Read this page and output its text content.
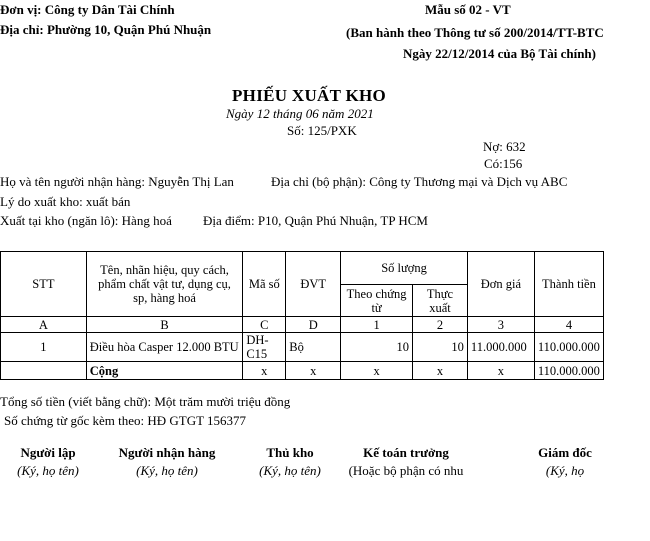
Đơn vị: Công ty Dân Tài Chính
Địa chỉ: Phường 10, Quận Phú Nhuận
Mẫu số 02 - VT
(Ban hành theo Thông tư số 200/2014/TT-BTC
Ngày 22/12/2014 của Bộ Tài chính)
PHIẾU XUẤT KHO
Ngày 12 tháng 06 năm 2021
Số: 125/PXK
Nợ: 632
Có:156
Họ và tên người nhận hàng: Nguyễn Thị Lan	Địa chỉ (bộ phận): Công ty Thương mại và Dịch vụ ABC
Lý do xuất kho: xuất bán
Xuất tại kho (ngăn lô): Hàng hoá Địa điểm: P10, Quận Phú Nhuận, TP HCM
STT	Tên, nhãn hiệu, quy cách, phẩm chất vật tư, dụng cụ, sp, hàng hoá	Mã số	ĐVT	Số lượng		Đơn giá	Thành tiền
				Theo chứng từ	Thực xuất		
A	B	C	D	1	2	3	4
1	Điều hòa Casper 12.000 BTU	DH-C15	Bộ	10	10	11.000.000	110.000.000
	Cộng	x	x	x	x	x	110.000.000
Tổng số tiền (viết bằng chữ): Một trăm mười triệu đồng
Số chứng từ gốc kèm theo: HĐ GTGT 156377
Người lập
(Ký, họ tên)
Người nhận hàng
(Ký, họ tên)
Thủ kho
(Ký, họ tên)
Kế toán trưởng
(Hoặc bộ phận có nhu
Giám đốc
(Ký, họ
